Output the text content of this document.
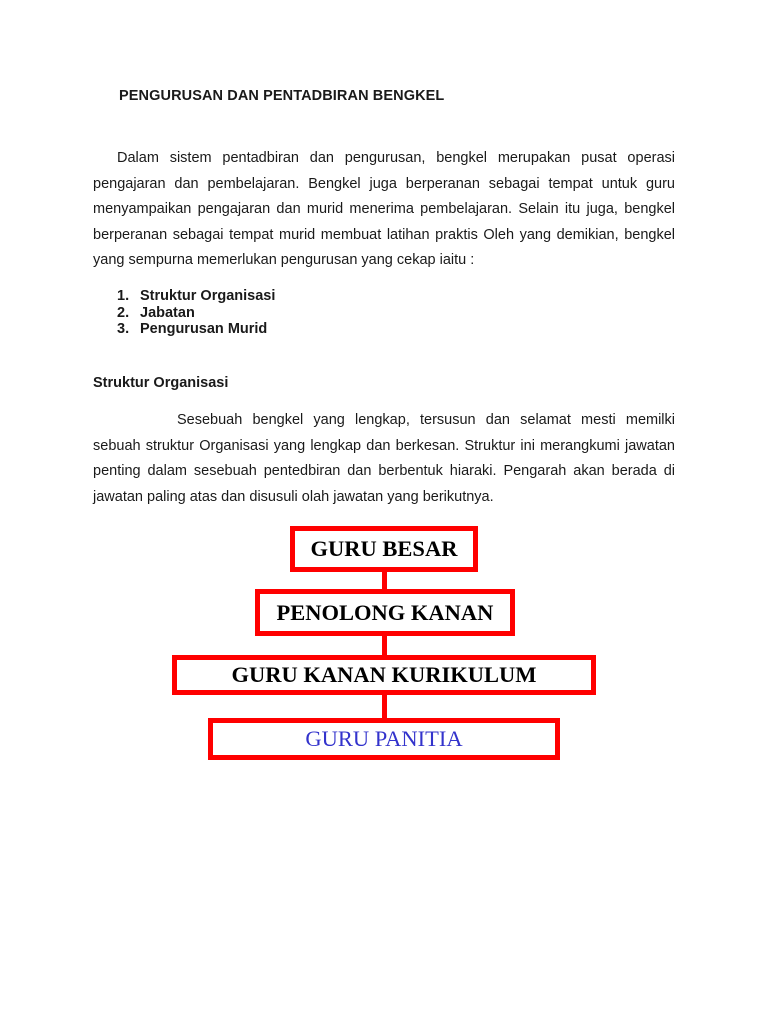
PENGURUSAN DAN PENTADBIRAN BENGKEL

Dalam sistem pentadbiran dan pengurusan, bengkel merupakan pusat operasi pengajaran dan pembelajaran. Bengkel juga berperanan sebagai tempat untuk guru menyampaikan pengajaran dan murid menerima pembelajaran. Selain itu juga, bengkel berperanan sebagai tempat murid membuat latihan praktis Oleh yang demikian, bengkel yang sempurna memerlukan pengurusan yang cekap iaitu :

1. Struktur Organisasi
2. Jabatan
3. Pengurusan Murid
Struktur Organisasi

Sesebuah bengkel yang lengkap, tersusun dan selamat mesti memilki sebuah struktur Organisasi yang lengkap dan berkesan. Struktur ini merangkumi jawatan penting dalam sesebuah pentedbiran dan berbentuk hiaraki. Pengarah akan berada di jawatan paling atas dan disusuli olah jawatan yang berikutnya.

GURU BESAR
PENOLONG KANAN
GURU KANAN KURIKULUM
GURU PANITIA
